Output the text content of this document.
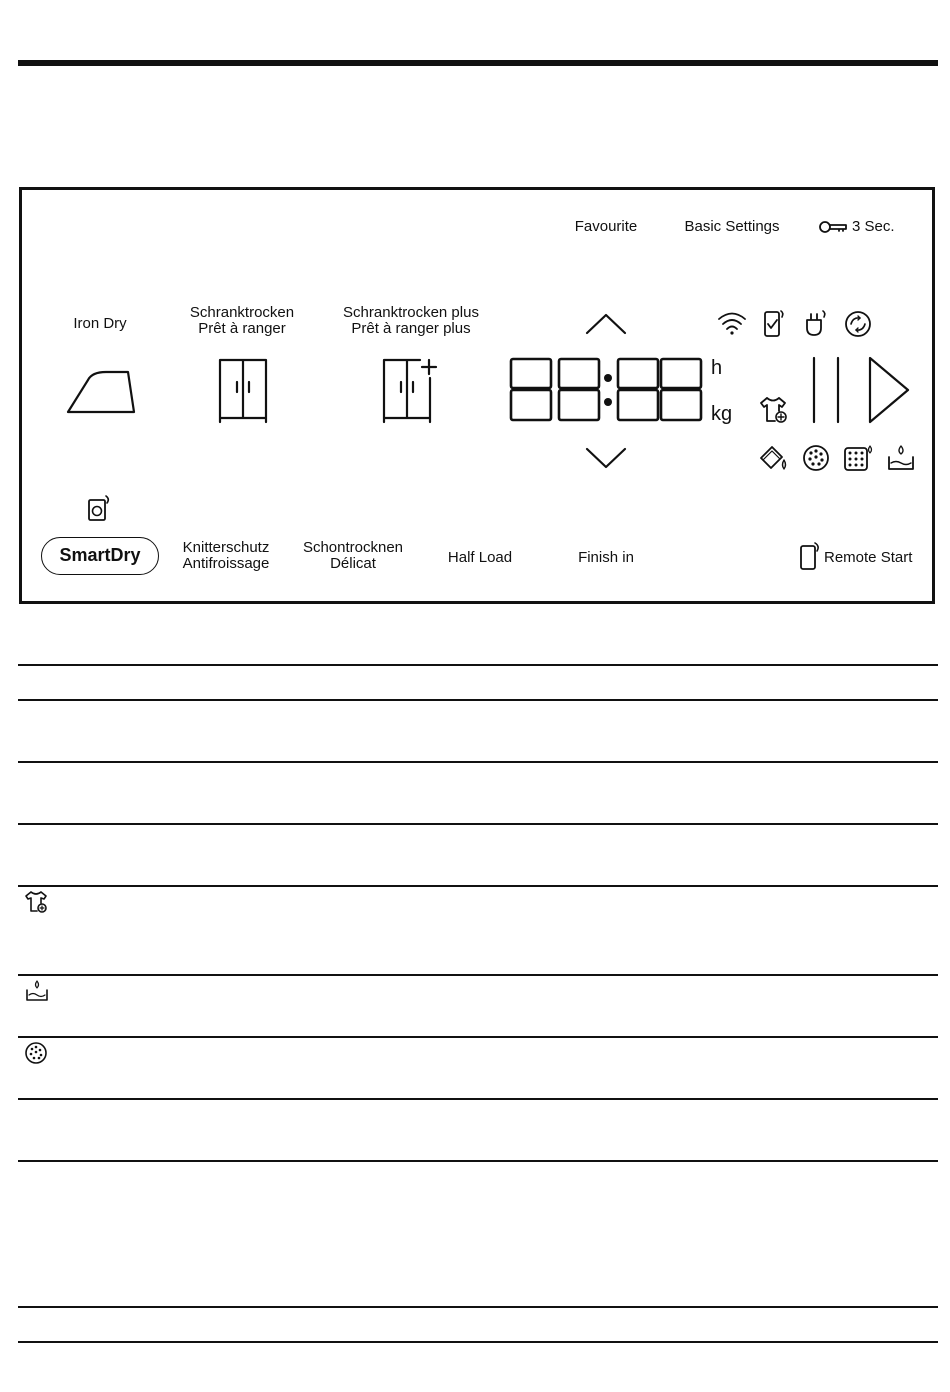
Favourite	Basic Settings	3 Sec.
Iron Dry
Schranktrocken
Prêt à ranger
Schranktrocken plus
Prêt à ranger plus
h
kg
SmartDry	Knitterschutz
Antifroissage
Schontrocknen
Délicat	Half Load	Finish in	Remote Start
